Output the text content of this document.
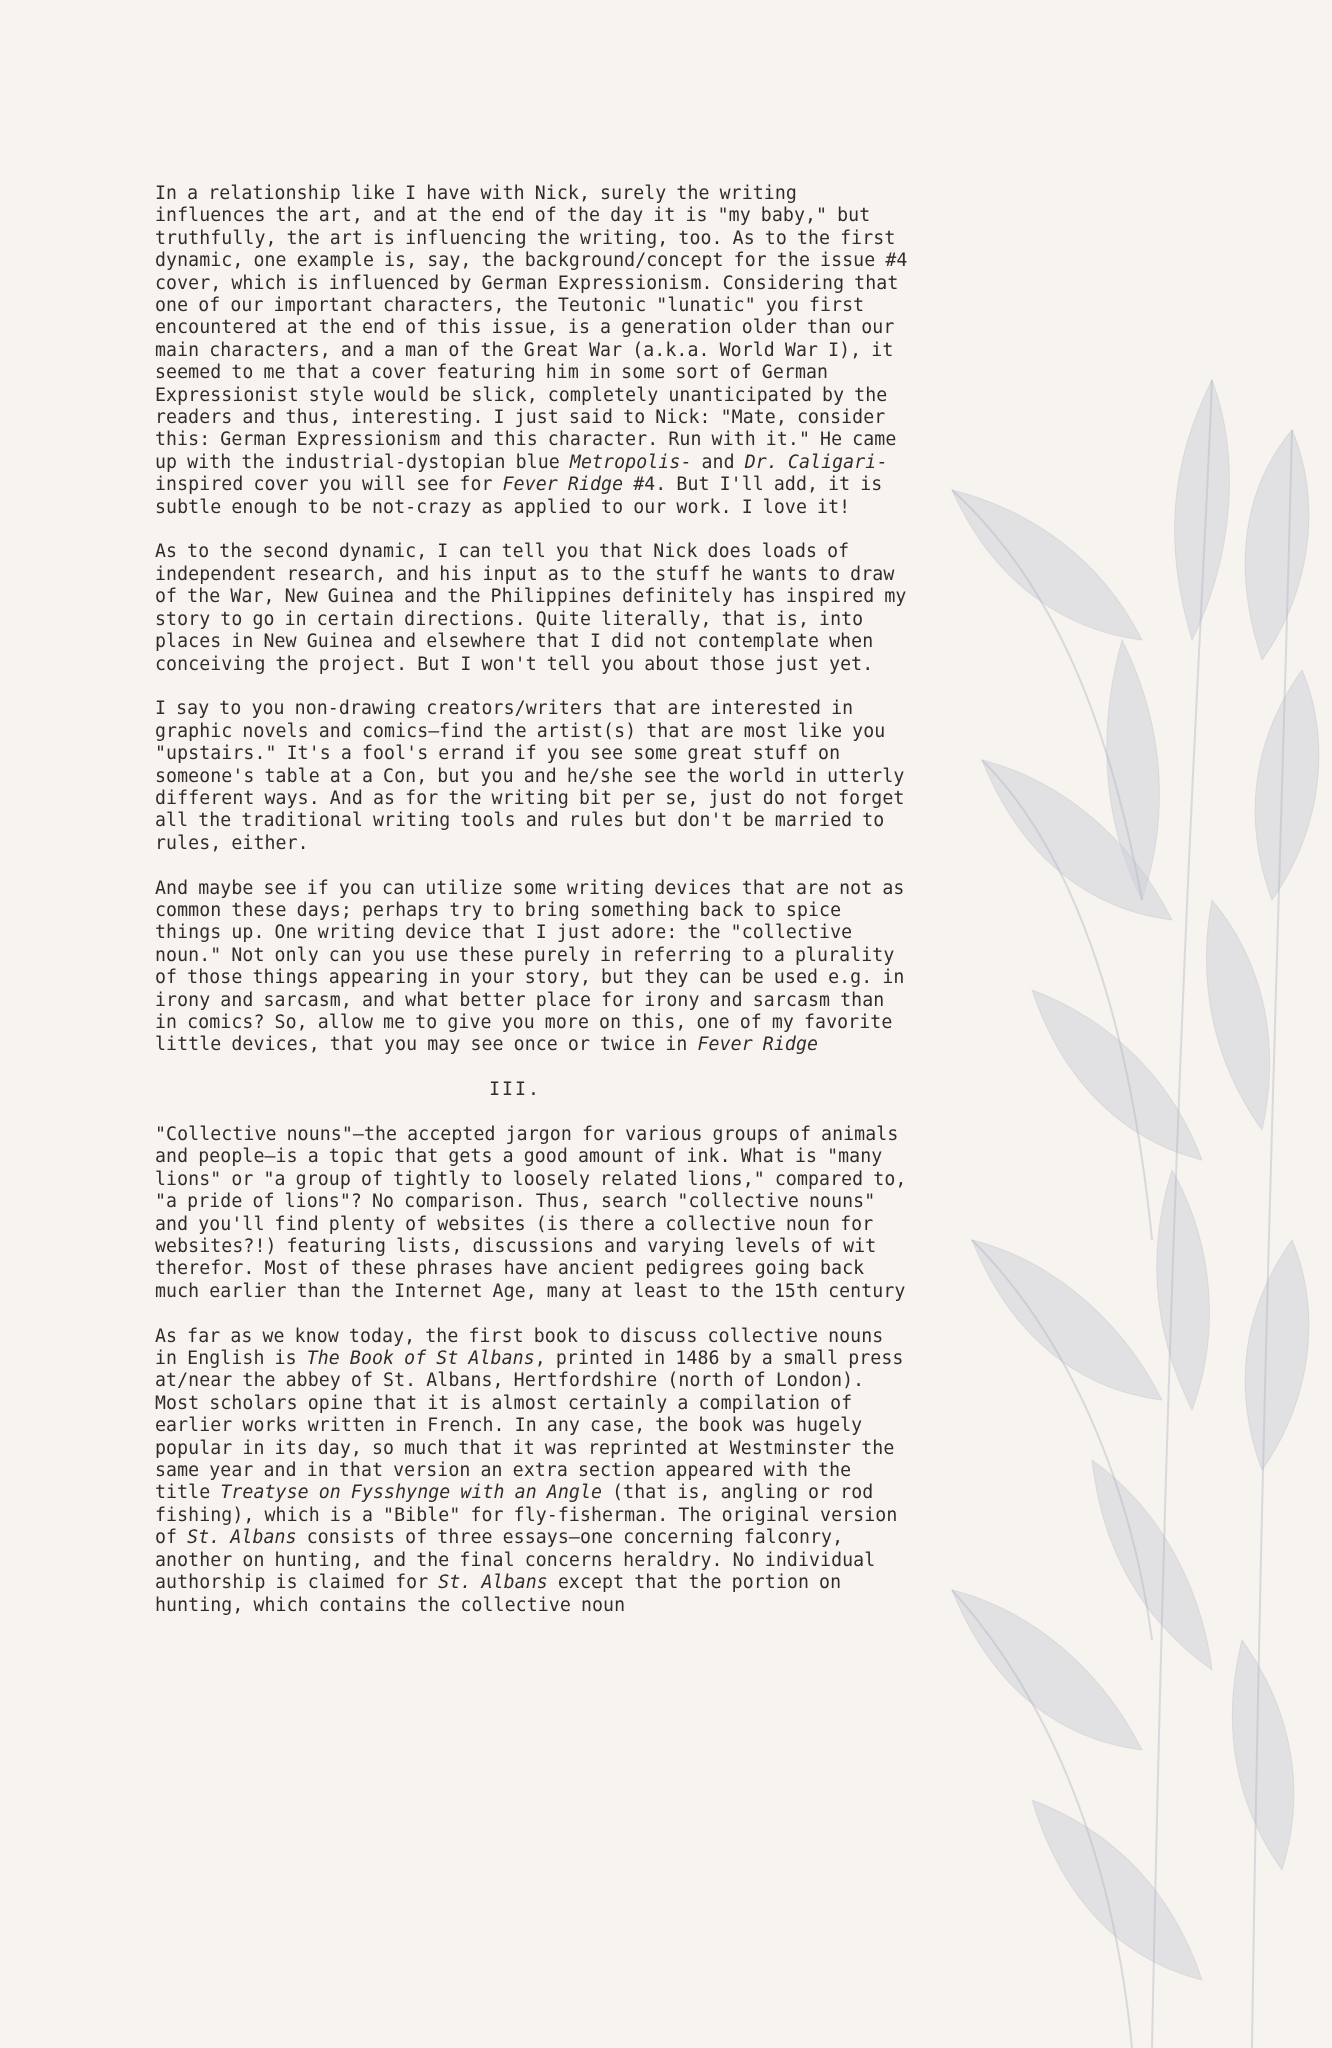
In a relationship like I have with Nick, surely the writing influences the art, and at the end of the day it is "my baby," but truthfully, the art is influencing the writing, too. As to the first dynamic, one example is, say, the background/concept for the issue #4 cover, which is influenced by German Expressionism. Considering that one of our important characters, the Teutonic "lunatic" you first encountered at the end of this issue, is a generation older than our main characters, and a man of the Great War (a.k.a. World War I), it seemed to me that a cover featuring him in some sort of German Expressionist style would be slick, completely unanticipated by the readers and thus, interesting. I just said to Nick: "Mate, consider this: German Expressionism and this character. Run with it." He came up with the industrial-dystopian blue Metropolis- and Dr. Caligari-inspired cover you will see for Fever Ridge #4. But I'll add, it is subtle enough to be not-crazy as applied to our work. I love it!

As to the second dynamic, I can tell you that Nick does loads of independent research, and his input as to the stuff he wants to draw of the War, New Guinea and the Philippines definitely has inspired my story to go in certain directions. Quite literally, that is, into places in New Guinea and elsewhere that I did not contemplate when conceiving the project. But I won't tell you about those just yet.

I say to you non-drawing creators/writers that are interested in graphic novels and comics—find the artist(s) that are most like you "upstairs." It's a fool's errand if you see some great stuff on someone's table at a Con, but you and he/she see the world in utterly different ways. And as for the writing bit per se, just do not forget all the traditional writing tools and rules but don't be married to rules, either.

And maybe see if you can utilize some writing devices that are not as common these days; perhaps try to bring something back to spice things up. One writing device that I just adore: the "collective noun." Not only can you use these purely in referring to a plurality of those things appearing in your story, but they can be used e.g. in irony and sarcasm, and what better place for irony and sarcasm than in comics? So, allow me to give you more on this, one of my favorite little devices, that you may see once or twice in Fever Ridge

III.

"Collective nouns"—the accepted jargon for various groups of animals and people—is a topic that gets a good amount of ink. What is "many lions" or "a group of tightly to loosely related lions," compared to, "a pride of lions"? No comparison. Thus, search "collective nouns" and you'll find plenty of websites (is there a collective noun for websites?!) featuring lists, discussions and varying levels of wit therefor. Most of these phrases have ancient pedigrees going back much earlier than the Internet Age, many at least to the 15th century

As far as we know today, the first book to discuss collective nouns in English is The Book of St Albans, printed in 1486 by a small press at/near the abbey of St. Albans, Hertfordshire (north of London). Most scholars opine that it is almost certainly a compilation of earlier works written in French. In any case, the book was hugely popular in its day, so much that it was reprinted at Westminster the same year and in that version an extra section appeared with the title Treatyse on Fysshynge with an Angle (that is, angling or rod fishing), which is a "Bible" for fly-fisherman. The original version of St. Albans consists of three essays—one concerning falconry, another on hunting, and the final concerns heraldry. No individual authorship is claimed for St. Albans except that the portion on hunting, which contains the collective noun
